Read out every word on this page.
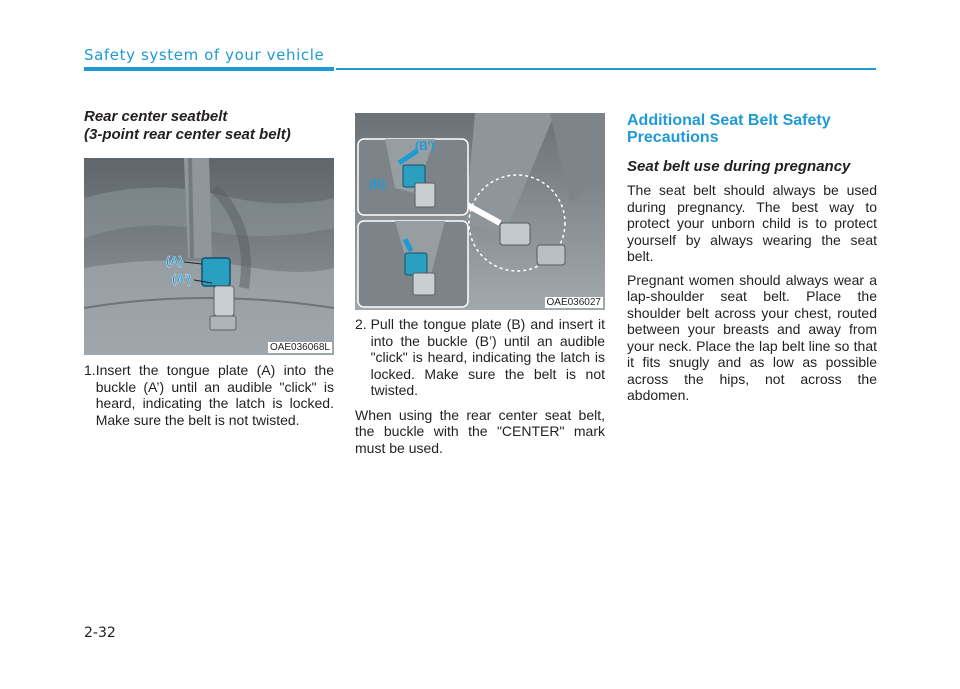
Safety system of your vehicle
Rear center seatbelt
(3-point rear center seat belt)
(A)
(A')
OAE036068L
1. Insert the tongue plate (A) into the buckle (A’) until an audible "click" is heard, indicating the latch is locked. Make sure the belt is not twisted.
(B')
(B)
OAE036027
2. Pull the tongue plate (B) and insert it into the buckle (B’) until an audible "click" is heard, indicating the latch is locked. Make sure the belt is not twisted.
When using the rear center seat belt, the buckle with the "CENTER" mark must be used.
Additional Seat Belt Safety Precautions
Seat belt use during pregnancy
The seat belt should always be used during pregnancy. The best way to protect your unborn child is to protect yourself by always wearing the seat belt.
Pregnant women should always wear a lap-shoulder seat belt. Place the shoulder belt across your chest, routed between your breasts and away from your neck. Place the lap belt line so that it fits snugly and as low as possible across the hips, not across the abdomen.
2-32
